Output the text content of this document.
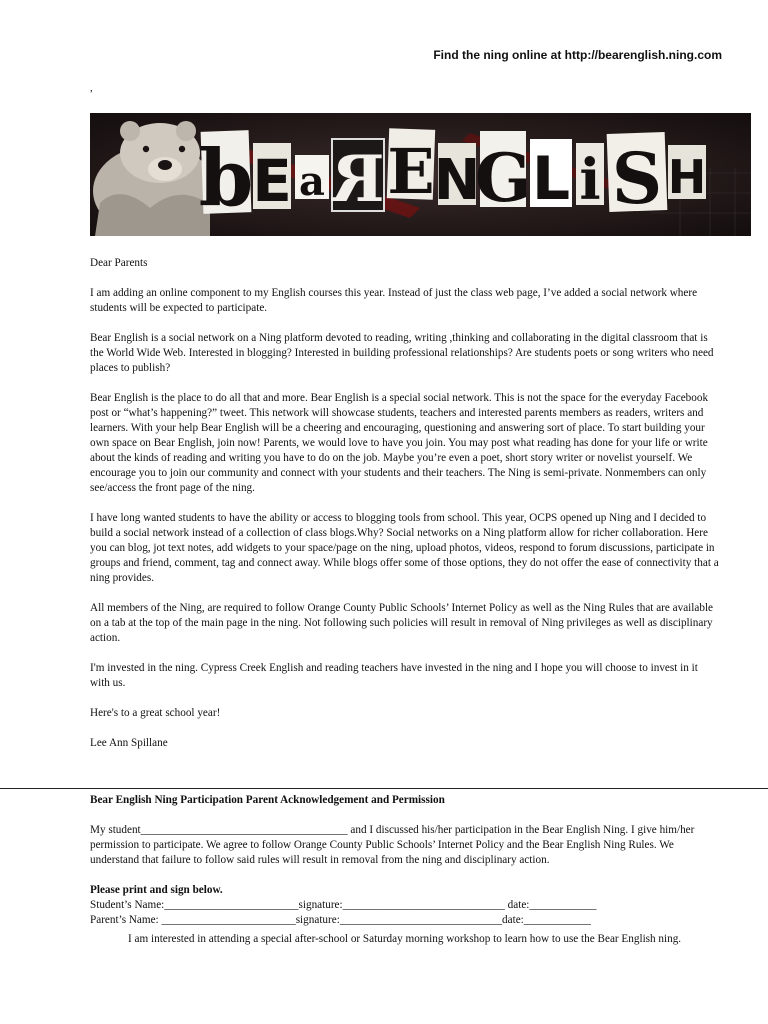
Find the ning online at http://bearenglish.ning.com
,
b
E a R E
N
G L i S H

Dear Parents

I am adding an online component to my English courses this year. Instead of just the class web page, I’ve added a social network where students will be expected to participate.

Bear English is a social network on a Ning platform devoted to reading, writing ,thinking and collaborating in the digital classroom that is the World Wide Web. Interested in blogging? Interested in building professional relationships? Are students poets or song writers who need places to publish?

Bear English is the place to do all that and more. Bear English is a special social network. This is not the space for the everyday Facebook post or “what’s happening?” tweet. This network will showcase students, teachers and interested parents members as readers, writers and learners. With your help Bear English will be a cheering and encouraging, questioning and answering sort of place. To start building your own space on Bear English, join now! Parents, we would love to have you join. You may post what reading has done for your life or write about the kinds of reading and writing you have to do on the job. Maybe you’re even a poet, short story writer or novelist yourself. We encourage you to join our community and connect with your students and their teachers. The Ning is semi-private. Nonmembers can only see/access the front page of the ning.

I have long wanted students to have the ability or access to blogging tools from school. This year, OCPS opened up Ning and I decided to build a social network instead of a collection of class blogs.Why? Social networks on a Ning platform allow for richer collaboration. Here you can blog, jot text notes, add widgets to your space/page on the ning, upload photos, videos, respond to forum discussions, participate in groups and friend, comment, tag and connect away. While blogs offer some of those options, they do not offer the ease of connectivity that a ning provides.

All members of the Ning, are required to follow Orange County Public Schools’ Internet Policy as well as the Ning Rules that are available on a tab at the top of the main page in the ning. Not following such policies will result in removal of Ning privileges as well as disciplinary action.

I'm invested in the ning. Cypress Creek English and reading teachers have invested in the ning and I hope you will choose to invest in it with us.

Here's to a great school year!

Lee Ann Spillane

Bear English Ning Participation Parent Acknowledgement and Permission

My student_____________________________________ and I discussed his/her participation in the Bear English Ning. I give him/her permission to participate. We agree to follow Orange County Public Schools’ Internet Policy and the Bear English Ning Rules. We understand that failure to follow said rules will result in removal from the ning and disciplinary action.

Please print and sign below.
Student’s Name:________________________signature:_____________________________ date:____________
Parent’s Name: ________________________signature:_____________________________date:____________
I am interested in attending a special after-school or Saturday morning workshop to learn how to use the Bear English ning.
